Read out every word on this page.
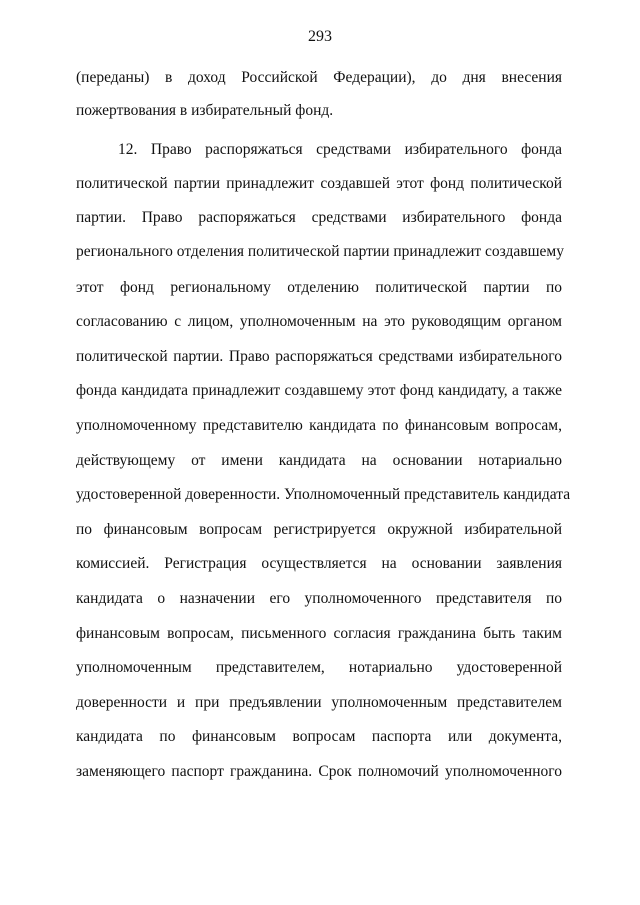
293
(переданы) в доход Российской Федерации), до дня внесения
пожертвования в избирательный фонд.
12. Право распоряжаться средствами избирательного фонда
политической партии принадлежит создавшей этот фонд политической
партии. Право распоряжаться средствами избирательного фонда
регионального отделения политической партии принадлежит создавшему
этот фонд региональному отделению политической партии по
согласованию с лицом, уполномоченным на это руководящим органом
политической партии. Право распоряжаться средствами избирательного
фонда кандидата принадлежит создавшему этот фонд кандидату, а также
уполномоченному представителю кандидата по финансовым вопросам,
действующему от имени кандидата на основании нотариально
удостоверенной доверенности. Уполномоченный представитель кандидата
по финансовым вопросам регистрируется окружной избирательной
комиссией. Регистрация осуществляется на основании заявления
кандидата о назначении его уполномоченного представителя по
финансовым вопросам, письменного согласия гражданина быть таким
уполномоченным представителем, нотариально удостоверенной
доверенности и при предъявлении уполномоченным представителем
кандидата по финансовым вопросам паспорта или документа,
заменяющего паспорт гражданина. Срок полномочий уполномоченного
